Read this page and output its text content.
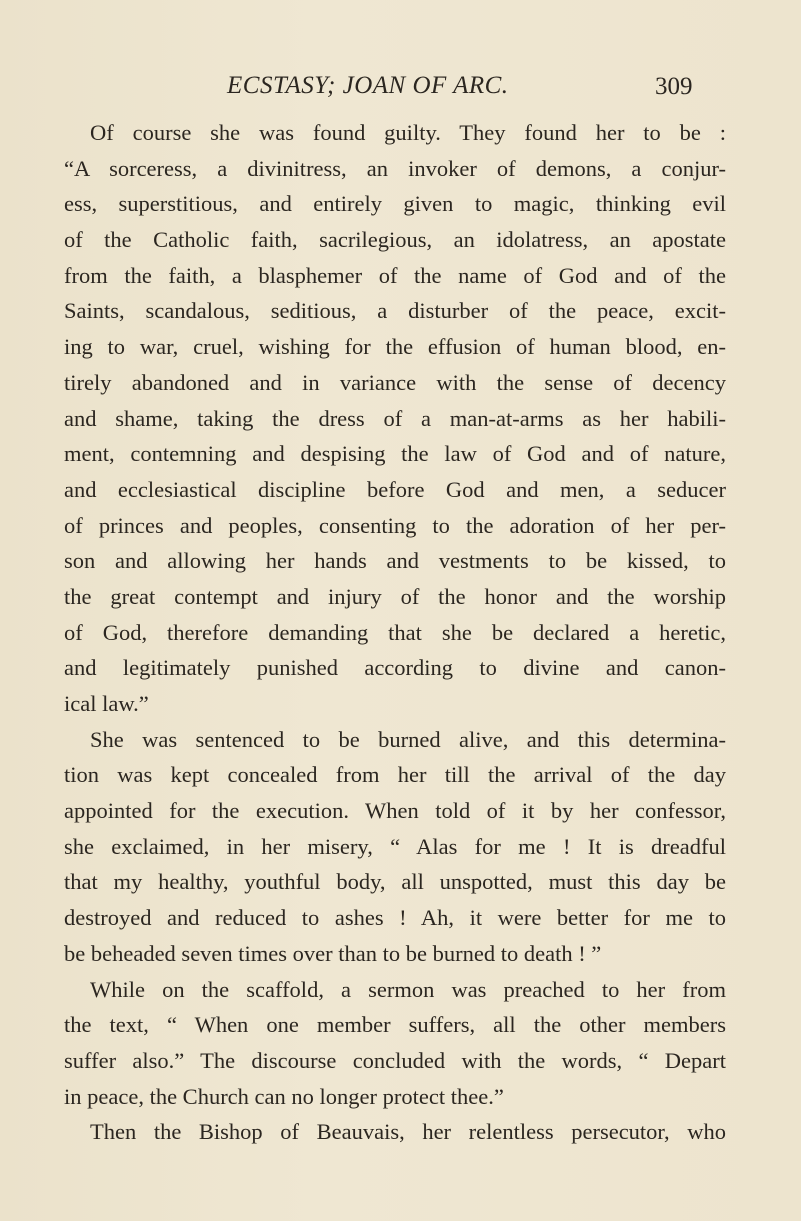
ECSTASY; JOAN OF ARC.	309
Of course she was found guilty. They found her to be :
“A sorceress, a divinitress, an invoker of demons, a conjur-
ess, superstitious, and entirely given to magic, thinking evil
of the Catholic faith, sacrilegious, an idolatress, an apostate
from the faith, a blasphemer of the name of God and of the
Saints, scandalous, seditious, a disturber of the peace, excit-
ing to war, cruel, wishing for the effusion of human blood, en-
tirely abandoned and in variance with the sense of decency
and shame, taking the dress of a man-at-arms as her habili-
ment, contemning and despising the law of God and of nature,
and ecclesiastical discipline before God and men, a seducer
of princes and peoples, consenting to the adoration of her per-
son and allowing her hands and vestments to be kissed, to
the great contempt and injury of the honor and the worship
of God, therefore demanding that she be declared a heretic,
and legitimately punished according to divine and canon-
ical law.”
She was sentenced to be burned alive, and this determina-
tion was kept concealed from her till the arrival of the day
appointed for the execution. When told of it by her confessor,
she exclaimed, in her misery, “ Alas for me ! It is dreadful
that my healthy, youthful body, all unspotted, must this day be
destroyed and reduced to ashes ! Ah, it were better for me to
be beheaded seven times over than to be burned to death ! ”
While on the scaffold, a sermon was preached to her from
the text, “ When one member suffers, all the other members
suffer also.” The discourse concluded with the words, “ Depart
in peace, the Church can no longer protect thee.”
Then the Bishop of Beauvais, her relentless persecutor, who
